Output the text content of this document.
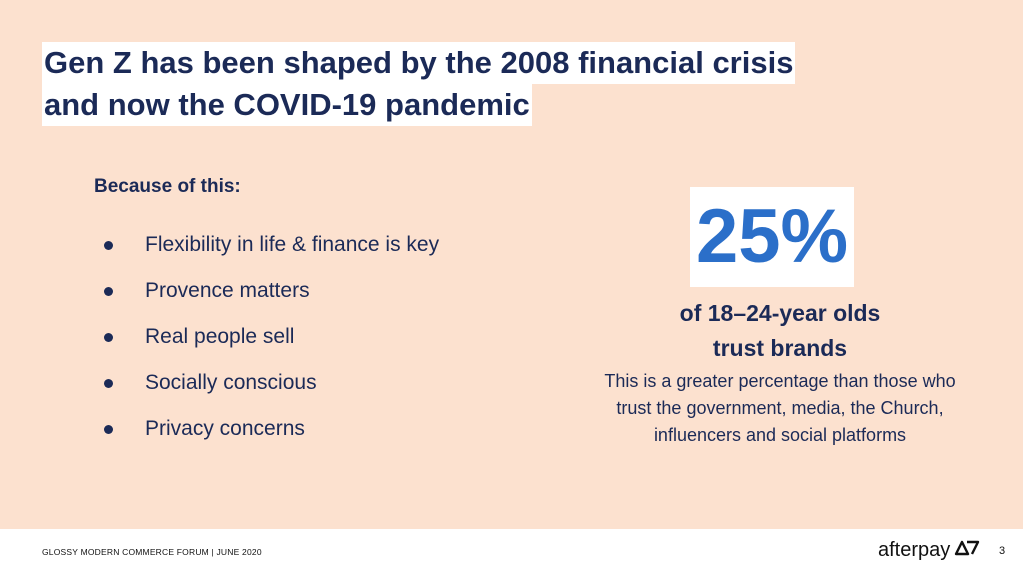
Gen Z has been shaped by the 2008 financial crisis
and now the COVID-19 pandemic
Because of this:
Flexibility in life & finance is key
Provence matters
Real people sell
Socially conscious
Privacy concerns
25%
of 18–24-year olds
trust brands
This is a greater percentage than those who trust the government, media, the Church, influencers and social platforms
GLOSSY MODERN COMMERCE FORUM | JUNE 2020	afterpay	3
